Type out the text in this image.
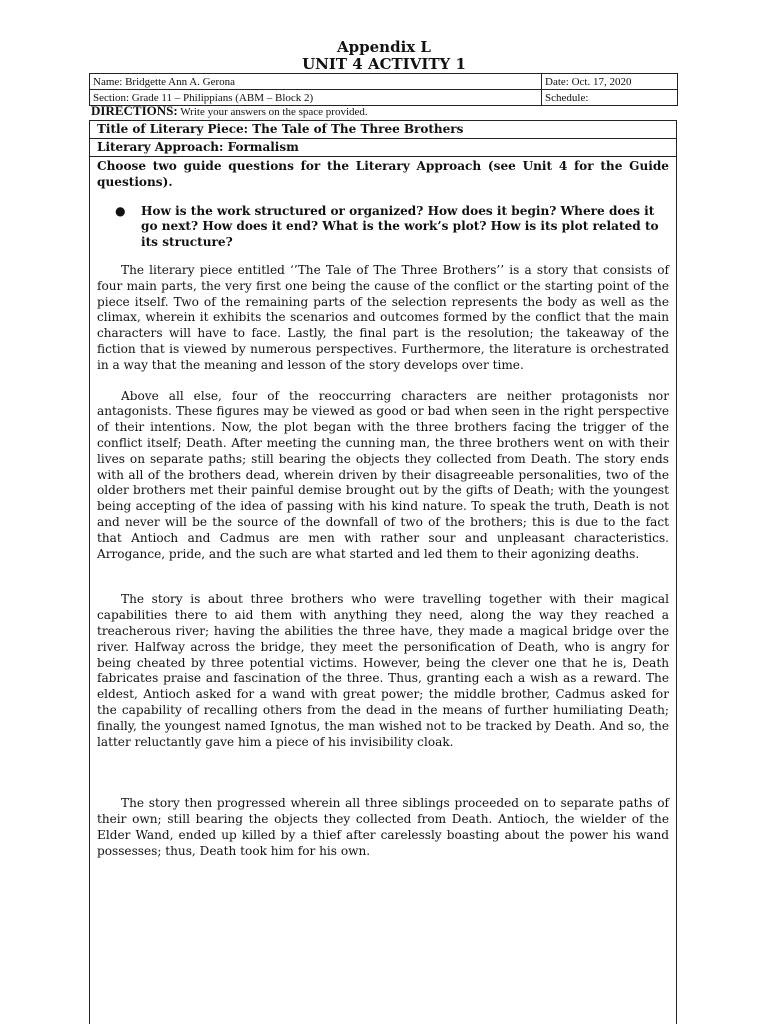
Appendix L
UNIT 4 ACTIVITY 1
Name: Bridgette Ann A. Gerona	Date: Oct. 17, 2020
Section: Grade 11 – Philippians (ABM – Block 2)	Schedule:
DIRECTIONS: Write your answers on the space provided.
Title of Literary Piece: The Tale of The Three Brothers
Literary Approach: Formalism

Choose two guide questions for the Literary Approach (see Unit 4 for the Guide questions).

●	How is the work structured or organized? How does it begin? Where does it go next? How does it end? What is the work’s plot? How is its plot related to its structure?

The literary piece entitled ‘’The Tale of The Three Brothers’’ is a story that consists of four main parts, the very first one being the cause of the conflict or the starting point of the piece itself. Two of the remaining parts of the selection represents the body as well as the climax, wherein it exhibits the scenarios and outcomes formed by the conflict that the main characters will have to face. Lastly, the final part is the resolution; the takeaway of the fiction that is viewed by numerous perspectives. Furthermore, the literature is orchestrated in a way that the meaning and lesson of the story develops over time.

Above all else, four of the reoccurring characters are neither protagonists nor antagonists. These figures may be viewed as good or bad when seen in the right perspective of their intentions. Now, the plot began with the three brothers facing the trigger of the conflict itself; Death. After meeting the cunning man, the three brothers went on with their lives on separate paths; still bearing the objects they collected from Death. The story ends with all of the brothers dead, wherein driven by their disagreeable personalities, two of the older brothers met their painful demise brought out by the gifts of Death; with the youngest being accepting of the idea of passing with his kind nature. To speak the truth, Death is not and never will be the source of the downfall of two of the brothers; this is due to the fact that Antioch and Cadmus are men with rather sour and unpleasant characteristics. Arrogance, pride, and the such are what started and led them to their agonizing deaths.

The story is about three brothers who were travelling together with their magical capabilities there to aid them with anything they need, along the way they reached a treacherous river; having the abilities the three have, they made a magical bridge over the river. Halfway across the bridge, they meet the personification of Death, who is angry for being cheated by three potential victims. However, being the clever one that he is, Death fabricates praise and fascination of the three. Thus, granting each a wish as a reward. The eldest, Antioch asked for a wand with great power; the middle brother, Cadmus asked for the capability of recalling others from the dead in the means of further humiliating Death; finally, the youngest named Ignotus, the man wished not to be tracked by Death. And so, the latter reluctantly gave him a piece of his invisibility cloak.

The story then progressed wherein all three siblings proceeded on to separate paths of their own; still bearing the objects they collected from Death. Antioch, the wielder of the Elder Wand, ended up killed by a thief after carelessly boasting about the power his wand possesses; thus, Death took him for his own.
